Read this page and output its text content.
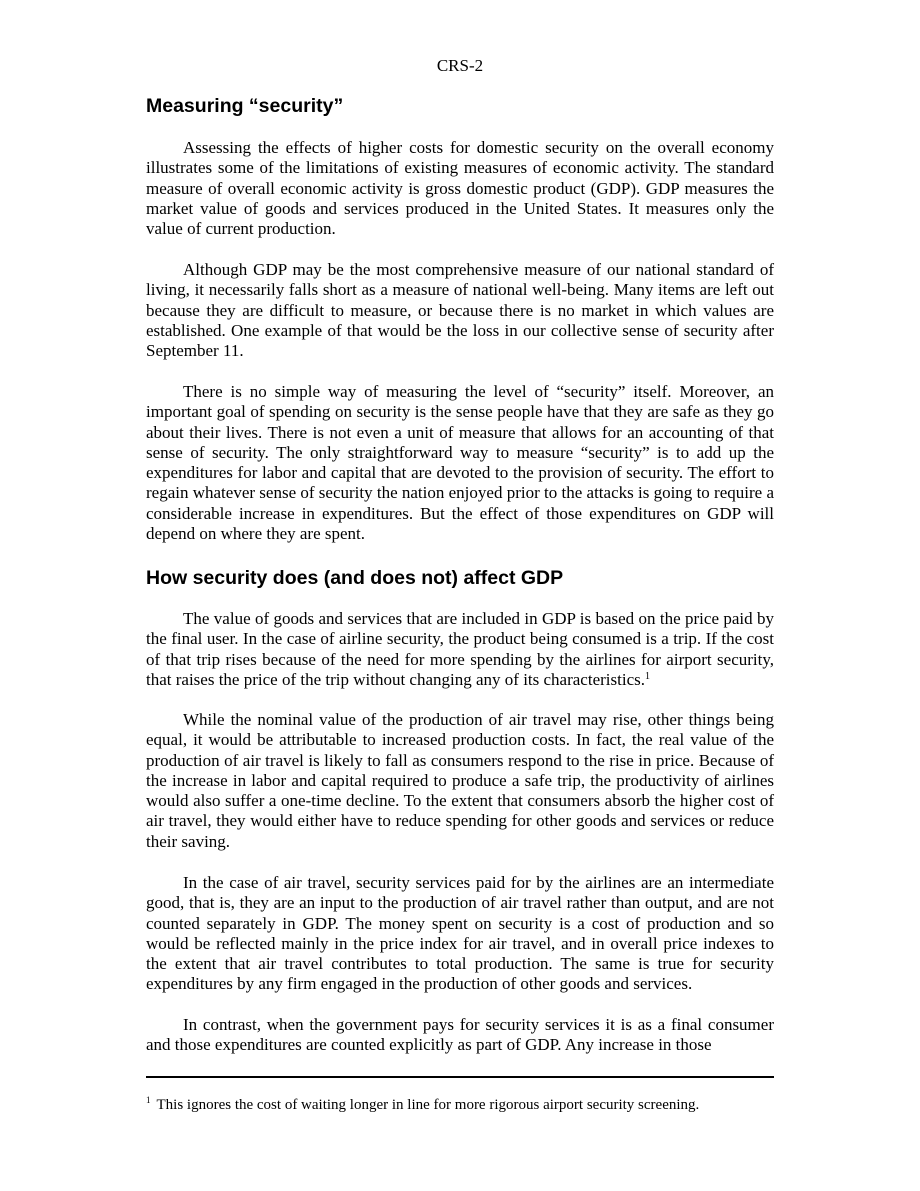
CRS-2
Measuring “security”

Assessing the effects of higher costs for domestic security on the overall economy illustrates some of the limitations of existing measures of economic activity. The standard measure of overall economic activity is gross domestic product (GDP). GDP measures the market value of goods and services produced in the United States. It measures only the value of current production.

Although GDP may be the most comprehensive measure of our national standard of living, it necessarily falls short as a measure of national well-being. Many items are left out because they are difficult to measure, or because there is no market in which values are established. One example of that would be the loss in our collective sense of security after September 11.

There is no simple way of measuring the level of “security” itself. Moreover, an important goal of spending on security is the sense people have that they are safe as they go about their lives. There is not even a unit of measure that allows for an accounting of that sense of security. The only straightforward way to measure “security” is to add up the expenditures for labor and capital that are devoted to the provision of security. The effort to regain whatever sense of security the nation enjoyed prior to the attacks is going to require a considerable increase in expenditures. But the effect of those expenditures on GDP will depend on where they are spent.

How security does (and does not) affect GDP

The value of goods and services that are included in GDP is based on the price paid by the final user. In the case of airline security, the product being consumed is a trip. If the cost of that trip rises because of the need for more spending by the airlines for airport security, that raises the price of the trip without changing any of its characteristics.$^1$

While the nominal value of the production of air travel may rise, other things being equal, it would be attributable to increased production costs. In fact, the real value of the production of air travel is likely to fall as consumers respond to the rise in price. Because of the increase in labor and capital required to produce a safe trip, the productivity of airlines would also suffer a one-time decline. To the extent that consumers absorb the higher cost of air travel, they would either have to reduce spending for other goods and services or reduce their saving.

In the case of air travel, security services paid for by the airlines are an intermediate good, that is, they are an input to the production of air travel rather than output, and are not counted separately in GDP. The money spent on security is a cost of production and so would be reflected mainly in the price index for air travel, and in overall price indexes to the extent that air travel contributes to total production. The same is true for security expenditures by any firm engaged in the production of other goods and services.

In contrast, when the government pays for security services it is as a final consumer and those expenditures are counted explicitly as part of GDP. Any increase in those

$^1$ This ignores the cost of waiting longer in line for more rigorous airport security screening.
